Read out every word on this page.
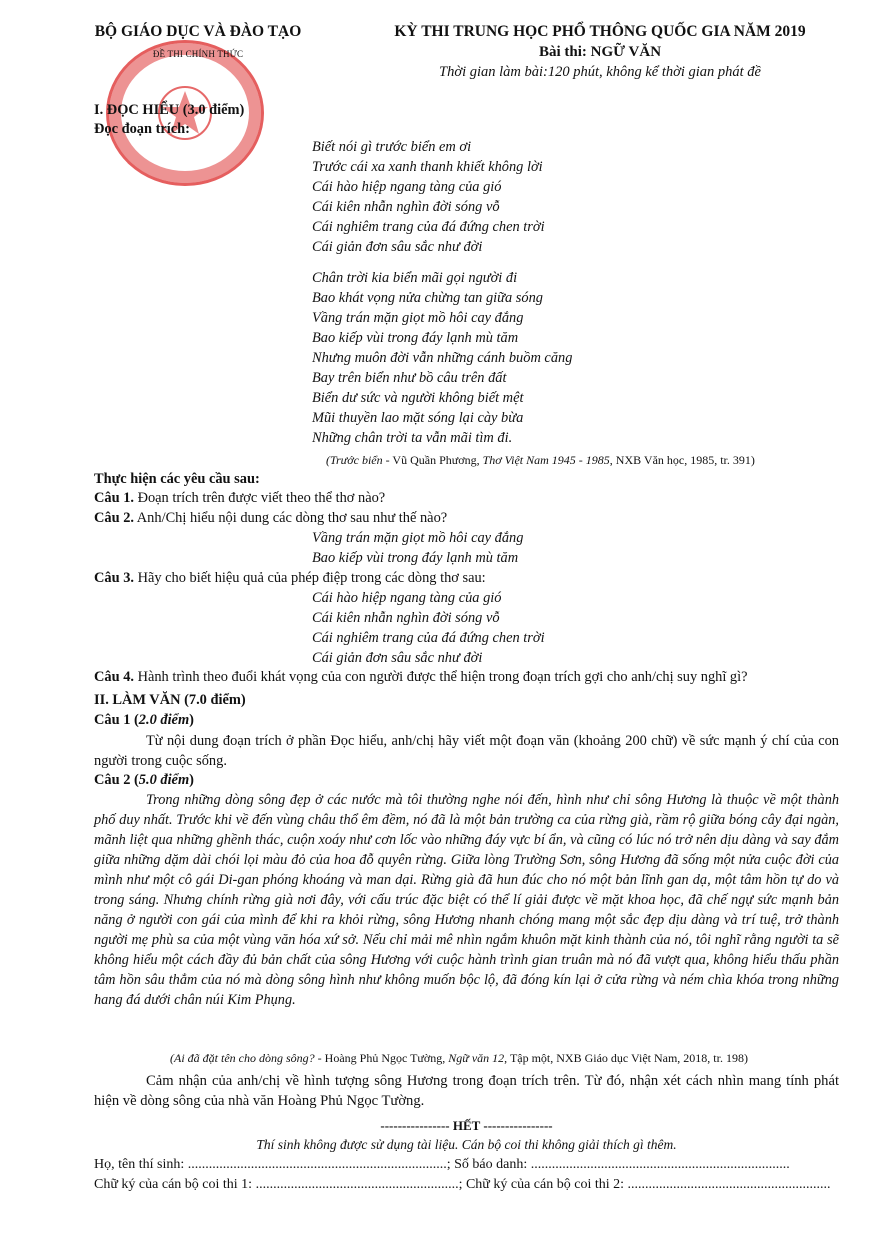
BỘ GIÁO DỤC VÀ ĐÀO TẠO
ĐỀ THI CHÍNH THỨC
KỲ THI TRUNG HỌC PHỔ THÔNG QUỐC GIA NĂM 2019
Bài thi: NGỮ VĂN
Thời gian làm bài:120 phút, không kể thời gian phát đề
I. ĐỌC HIỂU (3.0 điểm)
Đọc đoạn trích:
Biết nói gì trước biển em ơi
Trước cái xa xanh thanh khiết không lời
Cái hào hiệp ngang tàng của gió
Cái kiên nhẫn nghìn đời sóng vỗ
Cái nghiêm trang của đá đứng chen trời
Cái giản đơn sâu sắc như đời
Chân trời kia biển mãi gọi người đi
Bao khát vọng nửa chừng tan giữa sóng
Vầng trán mặn giọt mồ hôi cay đắng
Bao kiếp vùi trong đáy lạnh mù tăm
Nhưng muôn đời vẫn những cánh buồm căng
Bay trên biển như bồ câu trên đất
Biển dư sức và người không biết mệt
Mũi thuyền lao mặt sóng lại cày bừa
Những chân trời ta vẫn mãi tìm đi.
(Trước biển - Vũ Quần Phương, Thơ Việt Nam 1945 - 1985, NXB Văn học, 1985, tr. 391)
Thực hiện các yêu cầu sau:
Câu 1. Đoạn trích trên được viết theo thể thơ nào?
Câu 2. Anh/Chị hiểu nội dung các dòng thơ sau như thế nào?
Vầng trán mặn giọt mồ hôi cay đắng
Bao kiếp vùi trong đáy lạnh mù tăm
Câu 3. Hãy cho biết hiệu quả của phép điệp trong các dòng thơ sau:
Cái hào hiệp ngang tàng của gió
Cái kiên nhẫn nghìn đời sóng vỗ
Cái nghiêm trang của đá đứng chen trời
Cái giản đơn sâu sắc như đời
Câu 4. Hành trình theo đuổi khát vọng của con người được thể hiện trong đoạn trích gợi cho anh/chị suy nghĩ gì?
II. LÀM VĂN (7.0 điểm)
Câu 1 (2.0 điểm)
Từ nội dung đoạn trích ở phần Đọc hiểu, anh/chị hãy viết một đoạn văn (khoảng 200 chữ) về sức mạnh ý chí của con người trong cuộc sống.
Câu 2 (5.0 điểm)
Trong những dòng sông đẹp ở các nước mà tôi thường nghe nói đến, hình như chỉ sông Hương là thuộc về một thành phố duy nhất. Trước khi về đến vùng châu thổ êm đềm, nó đã là một bản trường ca của rừng già, rầm rộ giữa bóng cây đại ngàn, mãnh liệt qua những ghềnh thác, cuộn xoáy như cơn lốc vào những đáy vực bí ẩn, và cũng có lúc nó trở nên dịu dàng và say đắm giữa những dặm dài chói lọi màu đỏ của hoa đỗ quyên rừng. Giữa lòng Trường Sơn, sông Hương đã sống một nửa cuộc đời của mình như một cô gái Di-gan phóng khoáng và man dại. Rừng già đã hun đúc cho nó một bản lĩnh gan dạ, một tâm hồn tự do và trong sáng. Nhưng chính rừng già nơi đây, với cấu trúc đặc biệt có thể lí giải được về mặt khoa học, đã chế ngự sức mạnh bản năng ở người con gái của mình để khi ra khỏi rừng, sông Hương nhanh chóng mang một sắc đẹp dịu dàng và trí tuệ, trở thành người mẹ phù sa của một vùng văn hóa xứ sở. Nếu chỉ mải mê nhìn ngắm khuôn mặt kinh thành của nó, tôi nghĩ rằng người ta sẽ không hiểu một cách đầy đủ bản chất của sông Hương với cuộc hành trình gian truân mà nó đã vượt qua, không hiểu thấu phần tâm hồn sâu thẳm của nó mà dòng sông hình như không muốn bộc lộ, đã đóng kín lại ở cửa rừng và ném chìa khóa trong những hang đá dưới chân núi Kim Phụng.
(Ai đã đặt tên cho dòng sông? - Hoàng Phủ Ngọc Tường, Ngữ văn 12, Tập một, NXB Giáo dục Việt Nam, 2018, tr. 198)
Cảm nhận của anh/chị về hình tượng sông Hương trong đoạn trích trên. Từ đó, nhận xét cách nhìn mang tính phát hiện về dòng sông của nhà văn Hoàng Phủ Ngọc Tường.
---------------- HẾT ----------------
Thí sinh không được sử dụng tài liệu. Cán bộ coi thi không giải thích gì thêm.
Họ, tên thí sinh: ..........................................................................; Số báo danh: ..........................................................................
Chữ ký của cán bộ coi thi 1: ..........................................................; Chữ ký của cán bộ coi thi 2: ..........................................................
